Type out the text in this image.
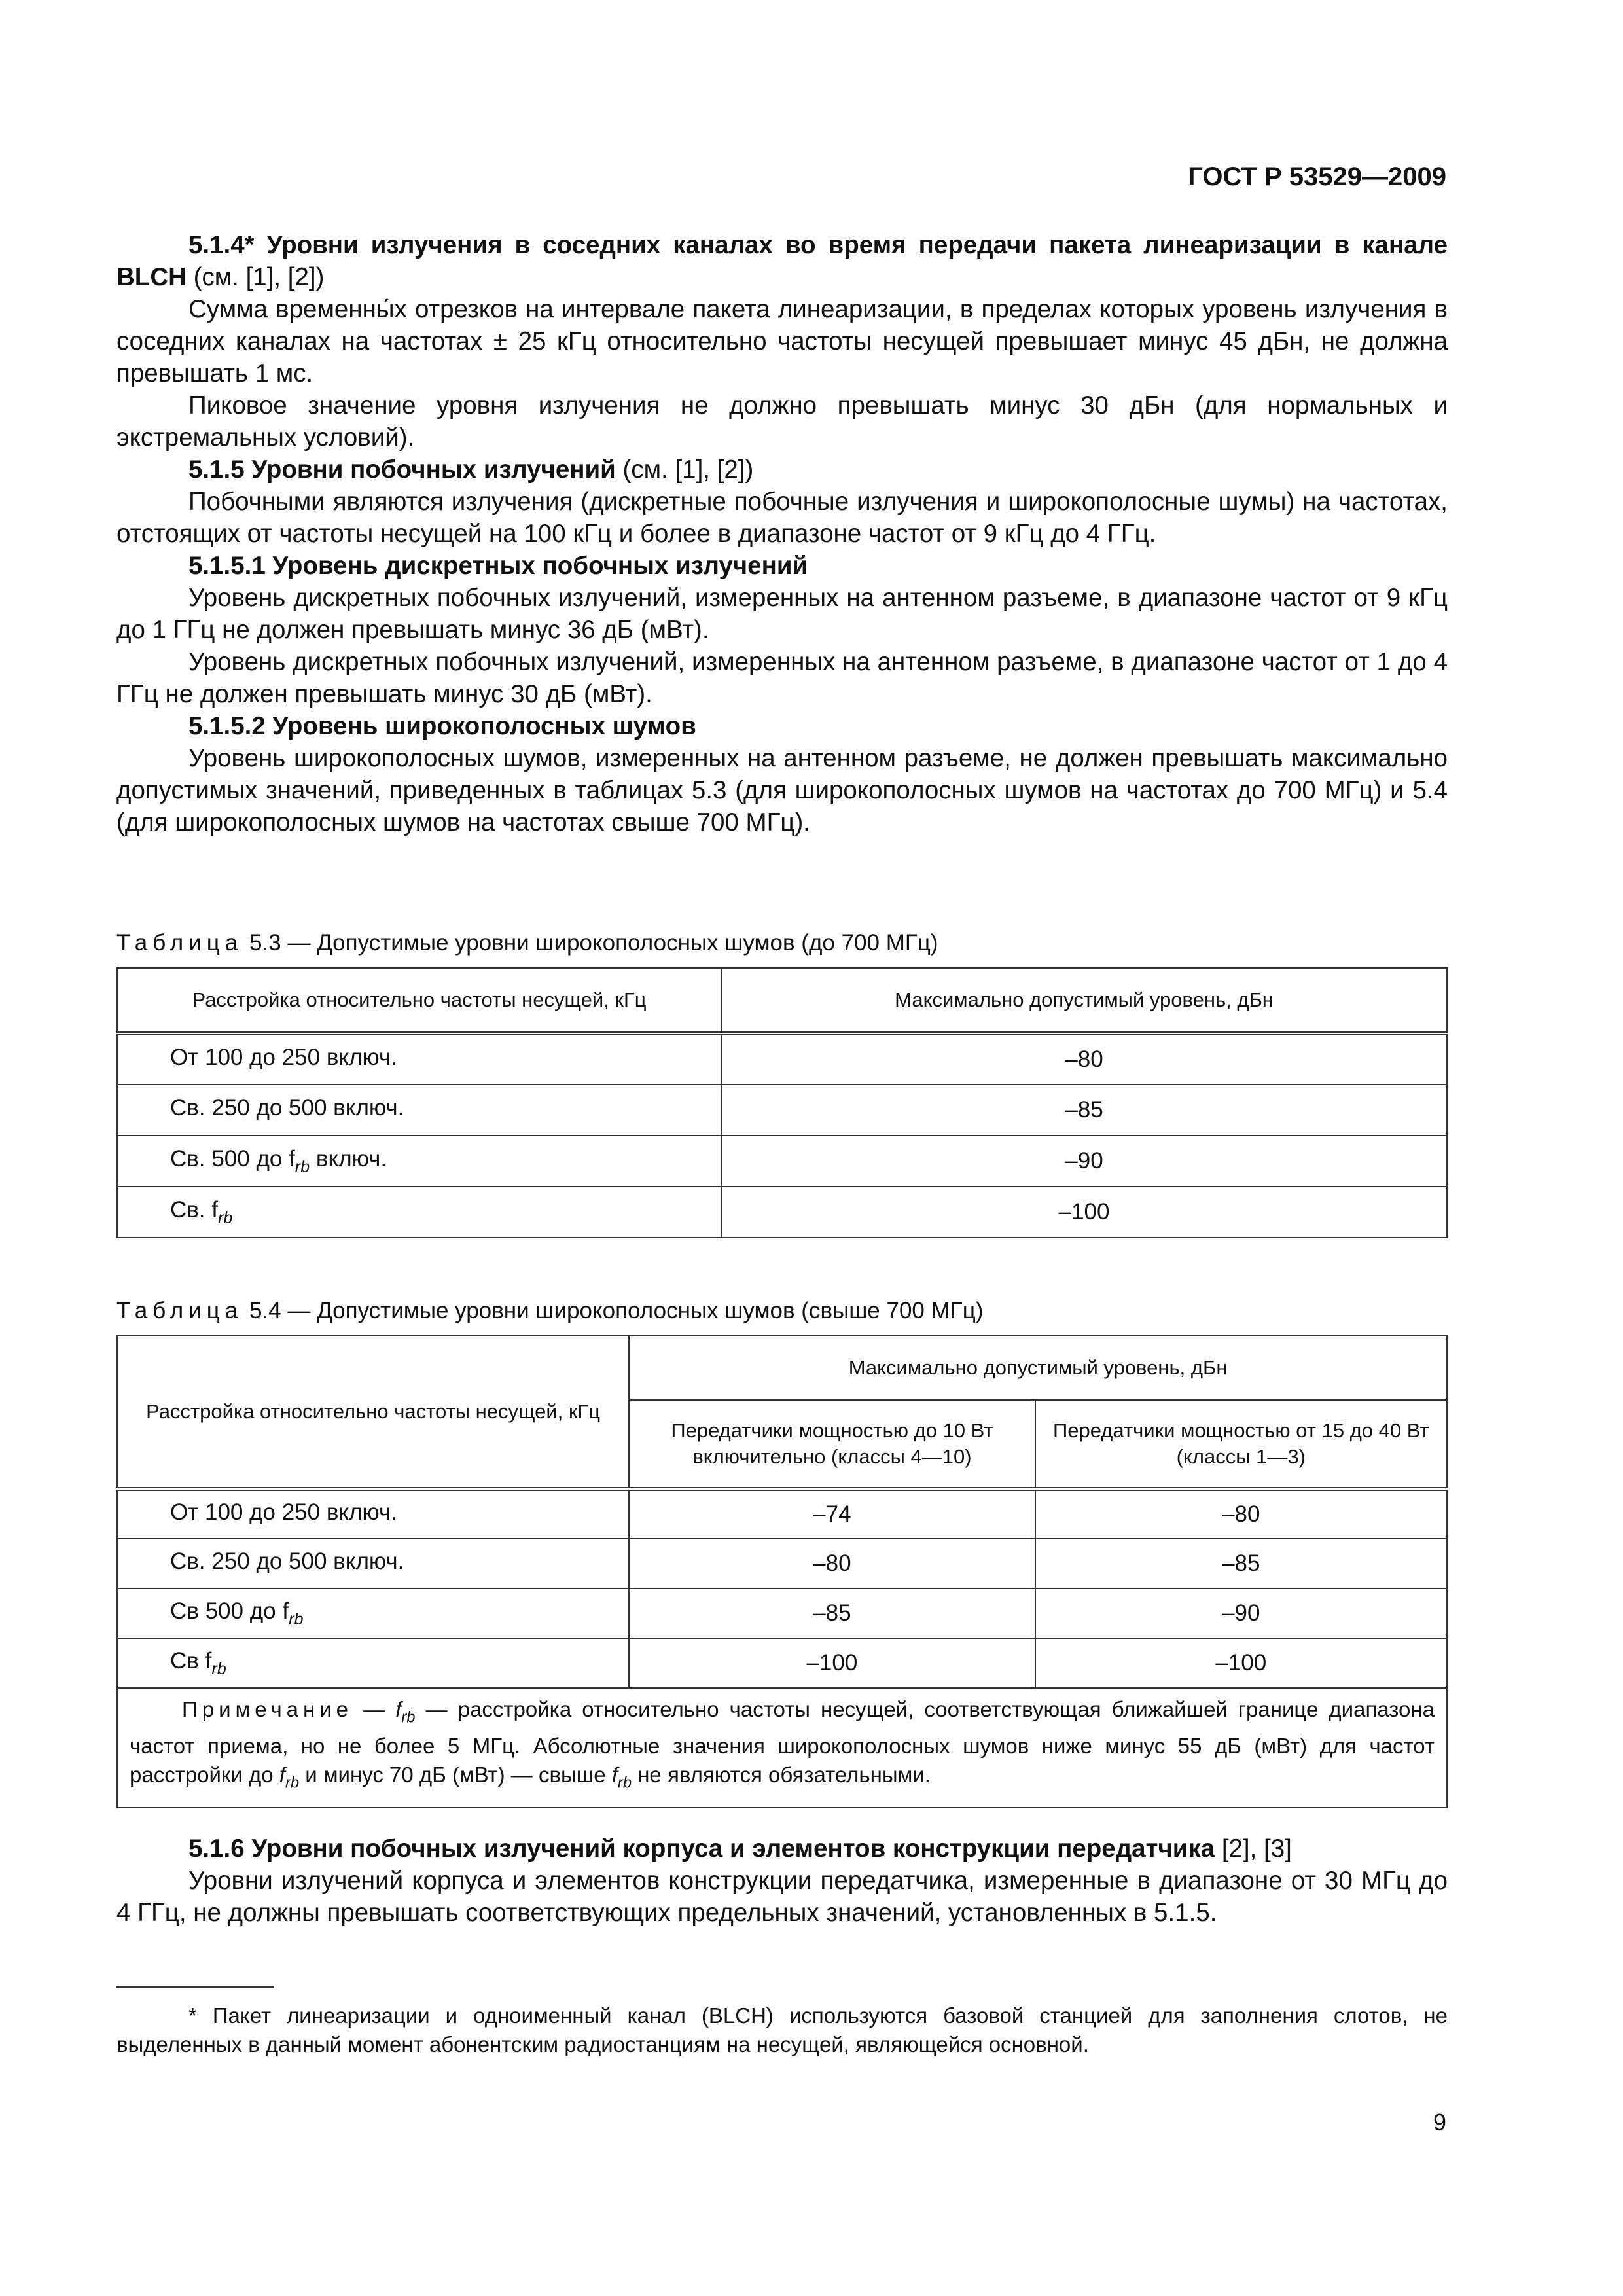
ГОСТ Р 53529—2009

5.1.4* Уровни излучения в соседних каналах во время передачи пакета линеаризации в канале BLCH (см. [1], [2])

Сумма временны́х отрезков на интервале пакета линеаризации, в пределах которых уровень излучения в соседних каналах на частотах ± 25 кГц относительно частоты несущей превышает минус 45 дБн, не должна превышать 1 мс.

Пиковое значение уровня излучения не должно превышать минус 30 дБн (для нормальных и экстремальных условий).

5.1.5 Уровни побочных излучений (см. [1], [2])

Побочными являются излучения (дискретные побочные излучения и широкополосные шумы) на частотах, отстоящих от частоты несущей на 100 кГц и более в диапазоне частот от 9 кГц до 4 ГГц.

5.1.5.1 Уровень дискретных побочных излучений

Уровень дискретных побочных излучений, измеренных на антенном разъеме, в диапазоне частот от 9 кГц до 1 ГГц не должен превышать минус 36 дБ (мВт).

Уровень дискретных побочных излучений, измеренных на антенном разъеме, в диапазоне частот от 1 до 4 ГГц не должен превышать минус 30 дБ (мВт).

5.1.5.2 Уровень широкополосных шумов

Уровень широкополосных шумов, измеренных на антенном разъеме, не должен превышать максимально допустимых значений, приведенных в таблицах 5.3 (для широкополосных шумов на частотах до 700 МГц) и 5.4 (для широкополосных шумов на частотах свыше 700 МГц).

Таблица 5.3 — Допустимые уровни широкополосных шумов (до 700 МГц)
Расстройка относительно частоты несущей, кГц	Максимально допустимый уровень, дБн
От 100 до 250 включ.	–80
Св. 250 до 500 включ.	–85
Св. 500 до $f_{rb}$ включ.	–90
Св. $f_{rb}$	–100
Таблица 5.4 — Допустимые уровни широкополосных шумов (свыше 700 МГц)
Расстройка относительно частоты несущей, кГц	Максимально допустимый уровень, дБн	
	Передатчики мощностью до 10 Вт включительно (классы 4—10)	Передатчики мощностью от 15 до 40 Вт (классы 1—3)
От 100 до 250 включ.	–74	–80
Св. 250 до 500 включ.	–80	–85
Св 500 до $f_{rb}$	–85	–90
Св $f_{rb}$	–100	–100
Примечание — $f_{rb}$ — расстройка относительно частоты несущей, соответствующая ближайшей границе диапазона частот приема, но не более 5 МГц. Абсолютные значения широкополосных шумов ниже минус 55 дБ (мВт) для частот расстройки до $f_{rb}$ и минус 70 дБ (мВт) — свыше $f_{rb}$ не являются обязательными.		

5.1.6 Уровни побочных излучений корпуса и элементов конструкции передатчика [2], [3]

Уровни излучений корпуса и элементов конструкции передатчика, измеренные в диапазоне от 30 МГц до 4 ГГц, не должны превышать соответствующих предельных значений, установленных в 5.1.5.

* Пакет линеаризации и одноименный канал (BLCH) используются базовой станцией для заполнения слотов, не выделенных в данный момент абонентским радиостанциям на несущей, являющейся основной.

9
